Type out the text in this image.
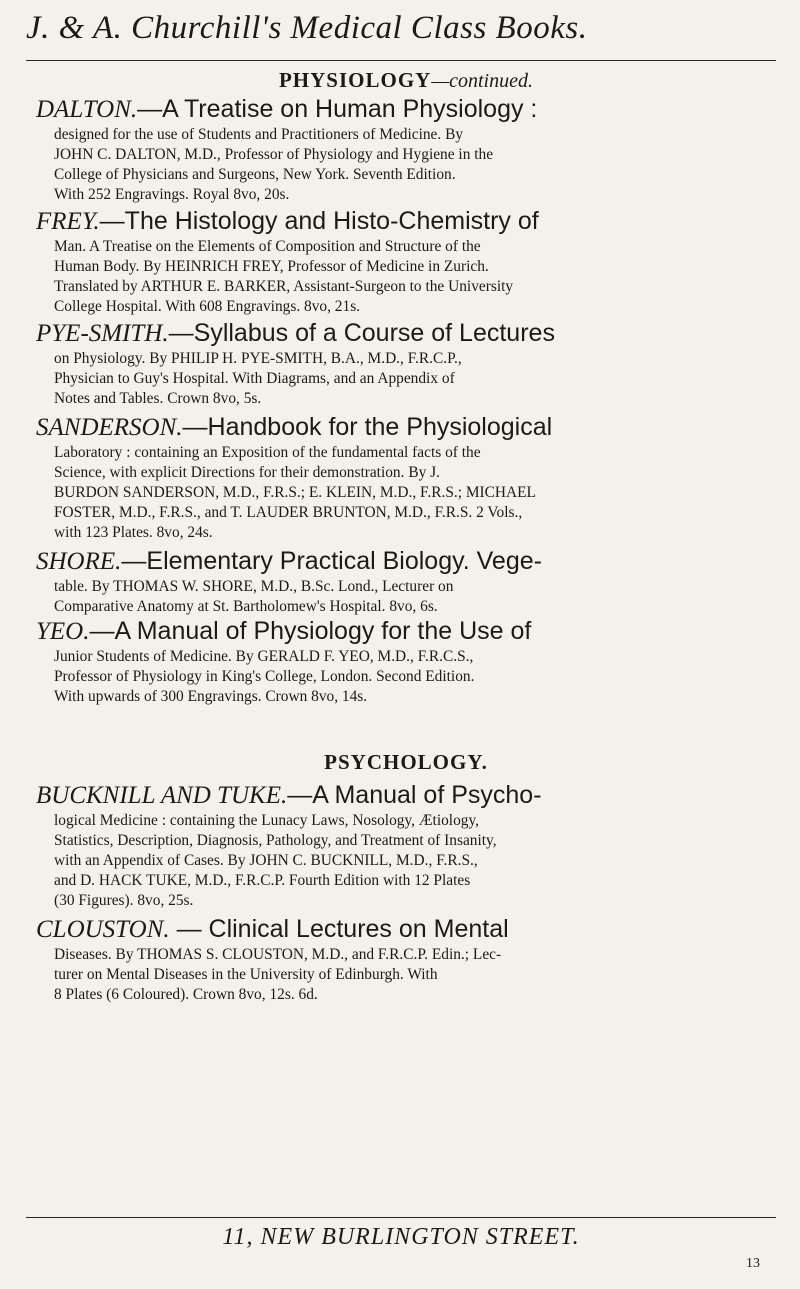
J. & A. Churchill's Medical Class Books.
PHYSIOLOGY—continued.
DALTON.—A Treatise on Human Physiology :
designed for the use of Students and Practitioners of Medicine. By
JOHN C. DALTON, M.D., Professor of Physiology and Hygiene in the
College of Physicians and Surgeons, New York. Seventh Edition.
With 252 Engravings. Royal 8vo, 20s.
FREY.—The Histology and Histo-Chemistry of
Man. A Treatise on the Elements of Composition and Structure of the
Human Body. By HEINRICH FREY, Professor of Medicine in Zurich.
Translated by ARTHUR E. BARKER, Assistant-Surgeon to the University
College Hospital. With 608 Engravings. 8vo, 21s.
PYE-SMITH.—Syllabus of a Course of Lectures
on Physiology. By PHILIP H. PYE-SMITH, B.A., M.D., F.R.C.P.,
Physician to Guy's Hospital. With Diagrams, and an Appendix of
Notes and Tables. Crown 8vo, 5s.
SANDERSON.—Handbook for the Physiological
Laboratory : containing an Exposition of the fundamental facts of the
Science, with explicit Directions for their demonstration. By J.
BURDON SANDERSON, M.D., F.R.S.; E. KLEIN, M.D., F.R.S.; MICHAEL
FOSTER, M.D., F.R.S., and T. LAUDER BRUNTON, M.D., F.R.S. 2 Vols.,
with 123 Plates. 8vo, 24s.
SHORE.—Elementary Practical Biology. Vege-
table. By THOMAS W. SHORE, M.D., B.Sc. Lond., Lecturer on
Comparative Anatomy at St. Bartholomew's Hospital. 8vo, 6s.
YEO.—A Manual of Physiology for the Use of
Junior Students of Medicine. By GERALD F. YEO, M.D., F.R.C.S.,
Professor of Physiology in King's College, London. Second Edition.
With upwards of 300 Engravings. Crown 8vo, 14s.
PSYCHOLOGY.
BUCKNILL AND TUKE.—A Manual of Psycho-
logical Medicine : containing the Lunacy Laws, Nosology, Ætiology,
Statistics, Description, Diagnosis, Pathology, and Treatment of Insanity,
with an Appendix of Cases. By JOHN C. BUCKNILL, M.D., F.R.S.,
and D. HACK TUKE, M.D., F.R.C.P. Fourth Edition with 12 Plates
(30 Figures). 8vo, 25s.
CLOUSTON. — Clinical Lectures on Mental
Diseases. By THOMAS S. CLOUSTON, M.D., and F.R.C.P. Edin.; Lec-
turer on Mental Diseases in the University of Edinburgh. With
8 Plates (6 Coloured). Crown 8vo, 12s. 6d.
11, NEW BURLINGTON STREET.
13
